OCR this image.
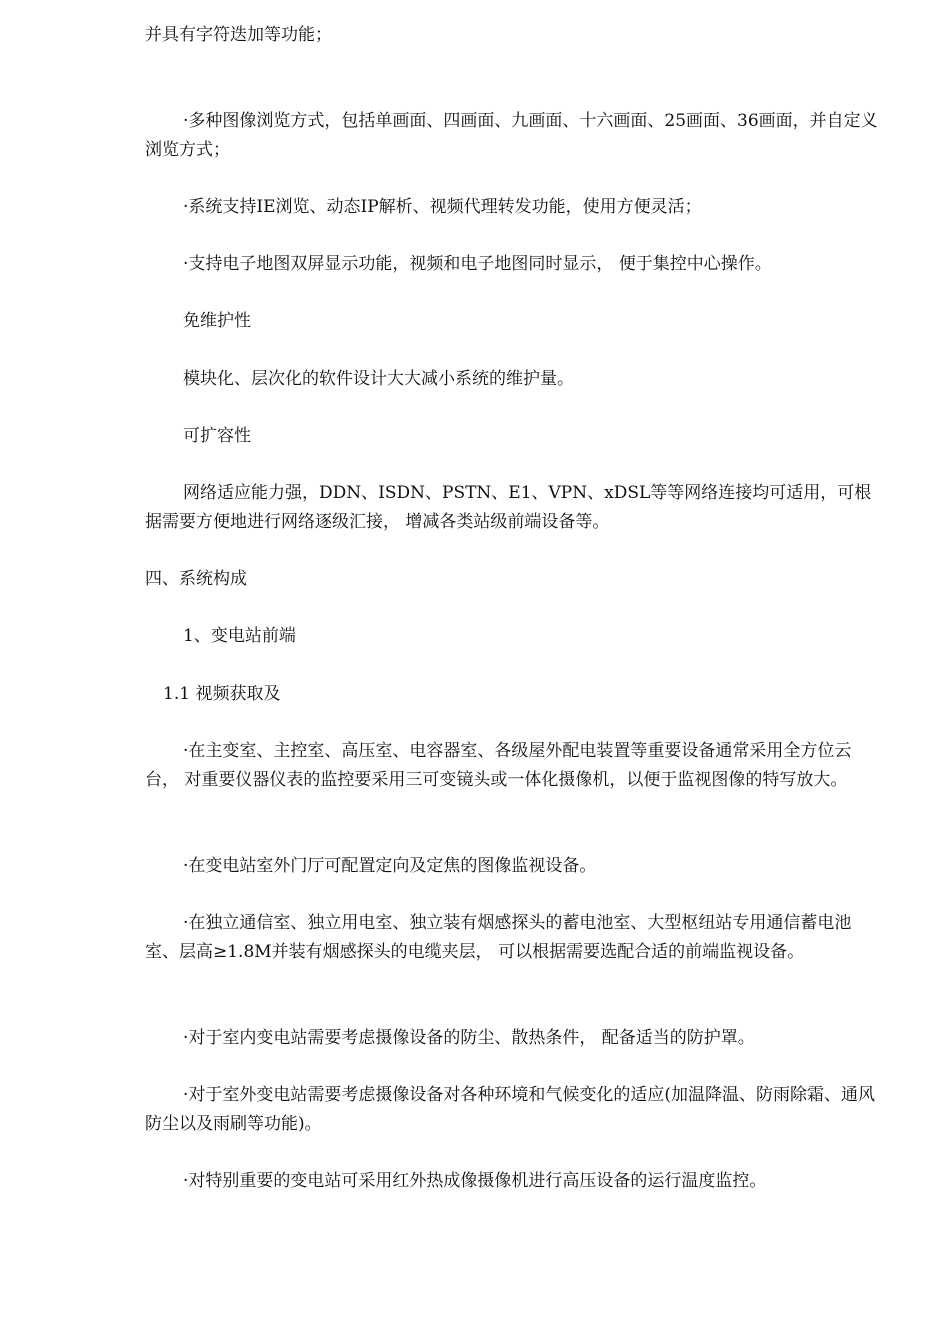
并具有字符迭加等功能；

·多种图像浏览方式，包括单画面、四画面、九画面、十六画面、25画面、36画面，并自定义浏览方式；

·系统支持IE浏览、动态IP解析、视频代理转发功能，使用方便灵活；

·支持电子地图双屏显示功能，视频和电子地图同时显示， 便于集控中心操作。

免维护性

模块化、层次化的软件设计大大减小系统的维护量。

可扩容性

网络适应能力强，DDN、ISDN、PSTN、E1、VPN、xDSL等等网络连接均可适用，可根据需要方便地进行网络逐级汇接， 增减各类站级前端设备等。

四、系统构成

1、变电站前端

1.1 视频获取及

·在主变室、主控室、高压室、电容器室、各级屋外配电装置等重要设备通常采用全方位云台， 对重要仪器仪表的监控要采用三可变镜头或一体化摄像机，以便于监视图像的特写放大。

·在变电站室外门厅可配置定向及定焦的图像监视设备。

·在独立通信室、独立用电室、独立装有烟感探头的蓄电池室、大型枢纽站专用通信蓄电池室、层高≥1.8M并装有烟感探头的电缆夹层， 可以根据需要选配合适的前端监视设备。

·对于室内变电站需要考虑摄像设备的防尘、散热条件， 配备适当的防护罩。

·对于室外变电站需要考虑摄像设备对各种环境和气候变化的适应(加温降温、防雨除霜、通风防尘以及雨刷等功能)。

·对特别重要的变电站可采用红外热成像摄像机进行高压设备的运行温度监控。
